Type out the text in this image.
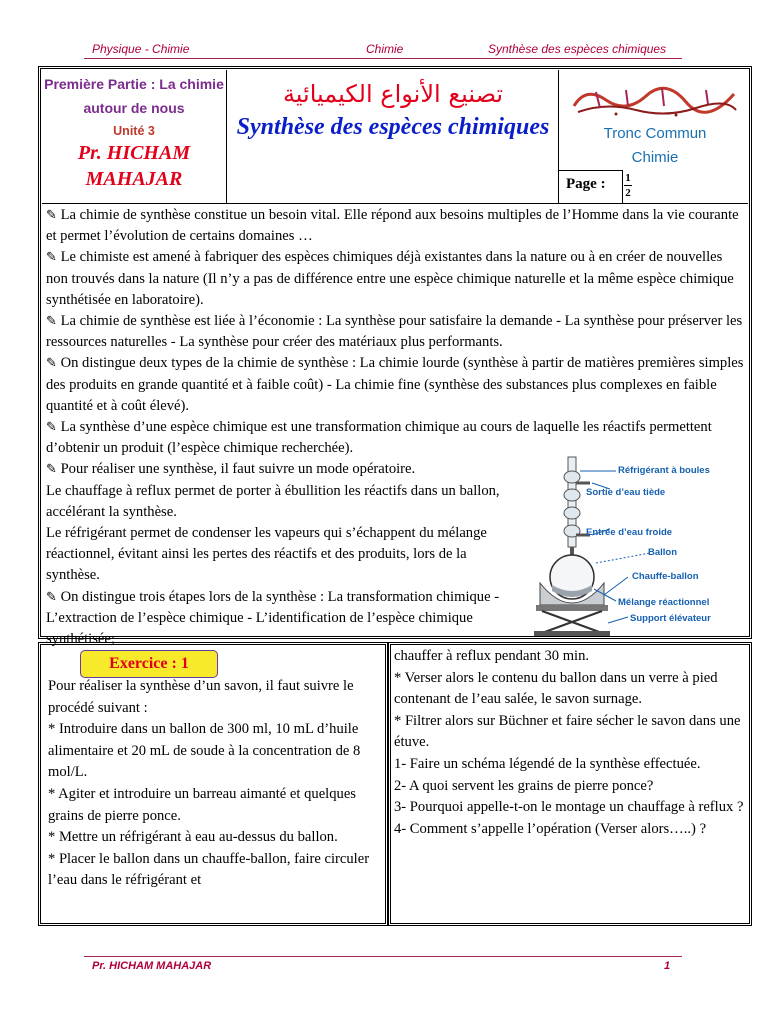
Physique - Chimie	Chimie	Synthèse des espèces chimiques
Première Partie : La chimie autour de nous
Unité 3
Pr. HICHAM MAHAJAR
تصنيع الأنواع الكيميائية
Synthèse des espèces chimiques	Tronc Commun
Chimie
Page : 1
2

✎ La chimie de synthèse constitue un besoin vital. Elle répond aux besoins multiples de l’Homme dans la vie courante et permet l’évolution de certains domaines …

✎ Le chimiste est amené à fabriquer des espèces chimiques déjà existantes dans la nature ou à en créer de nouvelles non trouvés dans la nature (Il n’y a pas de différence entre une espèce chimique naturelle et la même espèce chimique synthétisée en laboratoire).

✎ La chimie de synthèse est liée à l’économie : La synthèse pour satisfaire la demande - La synthèse pour préserver les ressources naturelles - La synthèse pour créer des matériaux plus performants.

✎ On distingue deux types de la chimie de synthèse : La chimie lourde (synthèse à partir de matières premières simples des produits en grande quantité et à faible coût) - La chimie fine (synthèse des substances plus complexes en faible quantité et à coût élevé).

✎ La synthèse d’une espèce chimique est une transformation chimique au cours de laquelle les réactifs permettent d’obtenir un produit (l’espèce chimique recherchée).

✎ Pour réaliser une synthèse, il faut suivre un mode opératoire.

Le chauffage à reflux permet de porter à ébullition les réactifs dans un ballon, accélérant la synthèse.

Le réfrigérant permet de condenser les vapeurs qui s’échappent du mélange réactionnel, évitant ainsi les pertes des réactifs et des produits, lors de la synthèse.

✎ On distingue trois étapes lors de la synthèse : La transformation chimique - L’extraction de l’espèce chimique - L’identification de l’espèce chimique synthétisée;

Réfrigérant à boules
Sortie d’eau tiède
Entrée d’eau froide
Ballon
Chauffe-ballon
Mélange réactionnel
Support élévateur
Exercice : 1

Pour réaliser la synthèse d’un savon, il faut suivre le procédé suivant :

* Introduire dans un ballon de 300 ml, 10 mL d’huile alimentaire et 20 mL de soude à la concentration de 8 mol/L.

* Agiter et introduire un barreau aimanté et quelques grains de pierre ponce.

* Mettre un réfrigérant à eau au-dessus du ballon.

* Placer le ballon dans un chauffe-ballon, faire circuler l’eau dans le réfrigérant et

chauffer à reflux pendant 30 min.

* Verser alors le contenu du ballon dans un verre à pied contenant de l’eau salée, le savon surnage.

* Filtrer alors sur Büchner et faire sécher le savon dans une étuve.

1- Faire un schéma légendé de la synthèse effectuée.

2- A quoi servent les grains de pierre ponce?

3- Pourquoi appelle-t-on le montage un chauffage à reflux ?

4- Comment s’appelle l’opération (Verser alors…..) ?

Pr. HICHAM MAHAJAR	1
